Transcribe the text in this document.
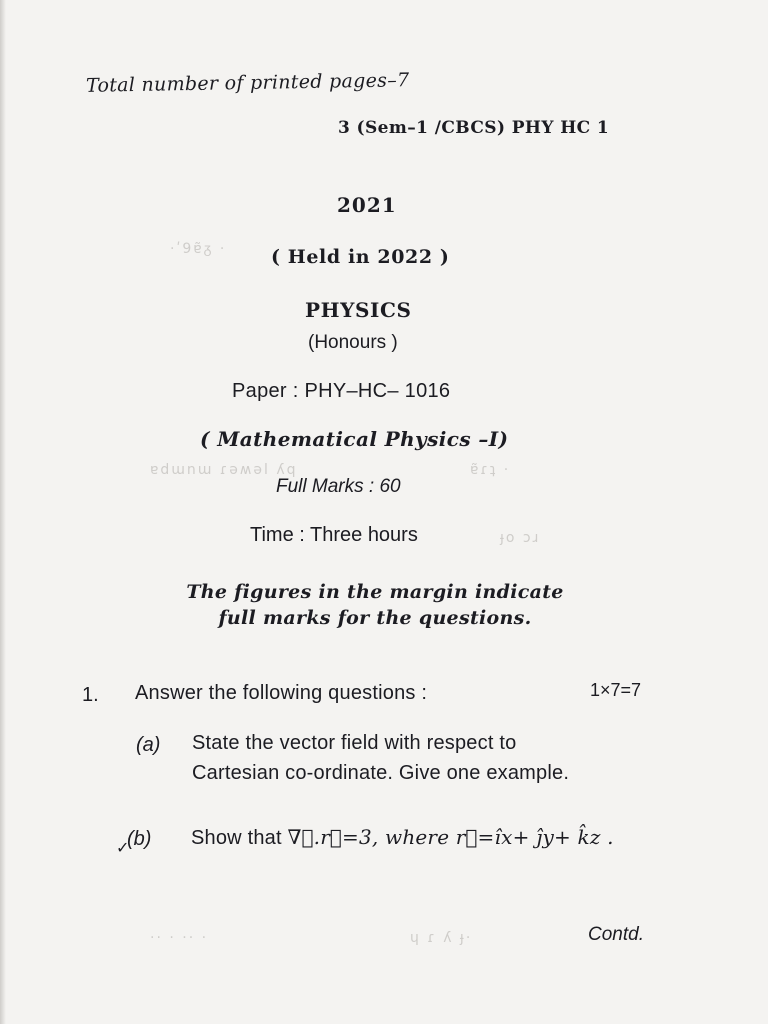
·ʹ9ɐ̃ᵹ ·
ɐdɯnɯ ɾəʍəl ʎq	ɐ̃ɾʇ ·
ɟo ɔɹ
·· · ·· ·	ɥ ɾ ʎ ɟ·
Total number of printed pages–7
3 (Sem–1 /CBCS) PHY HC 1
2021
( Held in 2022 )
PHYSICS
(Honours )
Paper : PHY–HC– 1016
( Mathematical Physics –I)
Full Marks : 60
Time : Three hours
The figures in the margin indicate
full marks for the questions.
1. Answer the following questions :	1×7=7
(a) State the vector field with respect to
Cartesian co-ordinate. Give one example.
✓
(b) Show that ∇⃗.r⃗=3, where r⃗=îx+ ĵy+ k̂z .
Contd.
